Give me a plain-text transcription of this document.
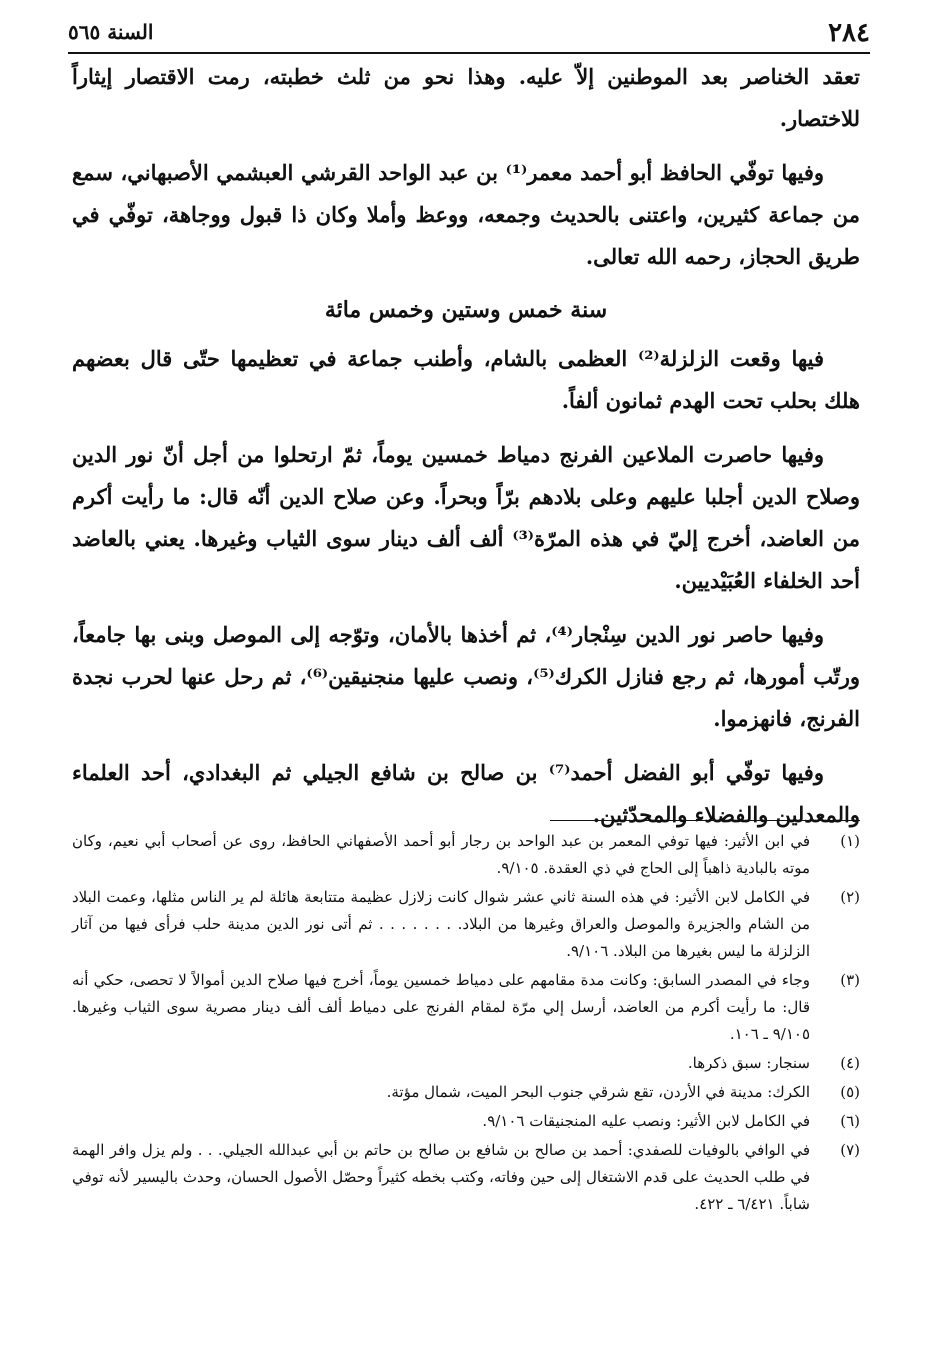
٢٨٤
السنة ٥٦٥

تعقد الخناصر بعد الموطنين إلاّ عليه. وهذا نحو من ثلث خطبته، رمت الاقتصار إيثاراً للاختصار.

وفيها توفّي الحافظ أبو أحمد معمر⁽¹⁾ بن عبد الواحد القرشي العبشمي الأصبهاني، سمع من جماعة كثيرين، واعتنى بالحديث وجمعه، ووعظ وأملا وكان ذا قبول ووجاهة، توفّي في طريق الحجاز، رحمه الله تعالى.

سنة خمس وستين وخمس مائة

فيها وقعت الزلزلة⁽²⁾ العظمى بالشام، وأطنب جماعة في تعظيمها حتّى قال بعضهم هلك بحلب تحت الهدم ثمانون ألفاً.

وفيها حاصرت الملاعين الفرنج دمياط خمسين يوماً، ثمّ ارتحلوا من أجل أنّ نور الدين وصلاح الدين أجلبا عليهم وعلى بلادهم برّاً وبحراً. وعن صلاح الدين أنّه قال: ما رأيت أكرم من العاضد، أخرج إليّ في هذه المرّة⁽³⁾ ألف ألف دينار سوى الثياب وغيرها. يعني بالعاضد أحد الخلفاء العُبَيْديين.

وفيها حاصر نور الدين سِنْجار⁽⁴⁾، ثم أخذها بالأمان، وتوّجه إلى الموصل وبنى بها جامعاً، ورتّب أمورها، ثم رجع فنازل الكرك⁽⁵⁾، ونصب عليها منجنيقين⁽⁶⁾، ثم رحل عنها لحرب نجدة الفرنج، فانهزموا.

وفيها توفّي أبو الفضل أحمد⁽⁷⁾ بن صالح بن شافع الجيلي ثم البغدادي، أحد العلماء والمعدلين والفضلاء والمحدّثين.

(١)
في ابن الأثير: فيها توفي المعمر بن عبد الواحد بن رجار أبو أحمد الأصفهاني الحافظ، روى عن أصحاب أبي نعيم، وكان موته بالبادية ذاهباً إلى الحاج في ذي العقدة. ٩/١٠٥.
(٢)
في الكامل لابن الأثير: في هذه السنة ثاني عشر شوال كانت زلازل عظيمة متتابعة هائلة لم ير الناس مثلها، وعمت البلاد من الشام والجزيرة والموصل والعراق وغيرها من البلاد. . . . . . . . ثم أتى نور الدين مدينة حلب فرأى فيها من آثار الزلزلة ما ليس بغيرها من البلاد. ٩/١٠٦.
(٣)
وجاء في المصدر السابق: وكانت مدة مقامهم على دمياط خمسين يوماً، أخرج فيها صلاح الدين أموالاً لا تحصى، حكي أنه قال: ما رأيت أكرم من العاضد، أرسل إلي مرّة لمقام الفرنج على دمياط ألف ألف دينار مصرية سوى الثياب وغيرها. ٩/١٠٥ ـ ١٠٦.
(٤)
سنجار: سبق ذكرها.
(٥)
الكرك: مدينة في الأردن، تقع شرقي جنوب البحر الميت، شمال مؤتة.
(٦)
في الكامل لابن الأثير: ونصب عليه المنجنيقات ٩/١٠٦.
(٧)
في الوافي بالوفيات للصفدي: أحمد بن صالح بن شافع بن صالح بن حاتم بن أبي عبدالله الجيلي. . . ولم يزل وافر الهمة في طلب الحديث على قدم الاشتغال إلى حين وفاته، وكتب بخطه كثيراً وحصّل الأصول الحسان، وحدث باليسير لأنه توفي شاباً. ٦/٤٢١ ـ ٤٢٢.
